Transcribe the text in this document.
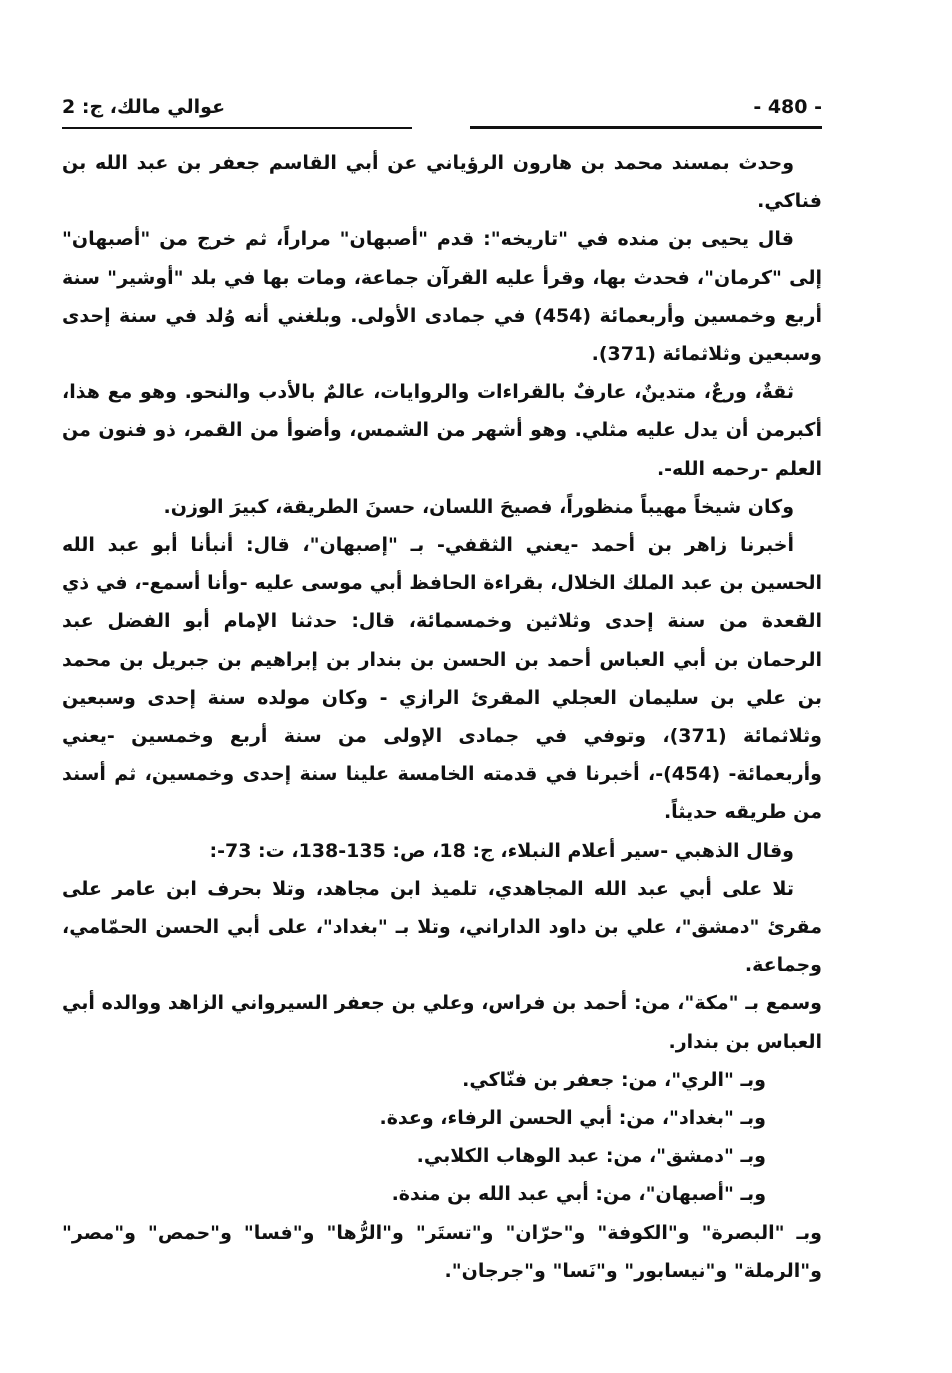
- 480 -
عوالي مالك، ج: 2

وحدث بمسند محمد بن هارون الرؤياني عن أبي القاسم جعفر بن عبد الله بن فناكي.

قال يحيى بن منده في "تاريخه": قدم "أصبهان" مراراً، ثم خرج من "أصبهان" إلى "كرمان"، فحدث بها، وقرأ عليه القرآن جماعة، ومات بها في بلد "أوشير" سنة أربع وخمسين وأربعمائة (454) في جمادى الأولى. وبلغني أنه وُلد في سنة إحدى وسبعين وثلاثمائة (371).

ثقةٌ، ورعٌ، متدينٌ، عارفٌ بالقراءات والروايات، عالمٌ بالأدب والنحو. وهو مع هذا، أكبرمن أن يدل عليه مثلي. وهو أشهر من الشمس، وأضوأ من القمر، ذو فنون من العلم -رحمه الله-.

وكان شيخاً مهيباً منظوراً، فصيحَ اللسان، حسنَ الطريقة، كبيرَ الوزن.

أخبرنا زاهر بن أحمد -يعني الثقفي- بـ "إصبهان"، قال: أنبأنا أبو عبد الله الحسين بن عبد الملك الخلال، بقراءة الحافظ أبي موسى عليه -وأنا أسمع-، في ذي القعدة من سنة إحدى وثلاثين وخمسمائة، قال: حدثنا الإمام أبو الفضل عبد الرحمان بن أبي العباس أحمد بن الحسن بن بندار بن إبراهيم بن جبريل بن محمد بن علي بن سليمان العجلي المقرئ الرازي - وكان مولده سنة إحدى وسبعين وثلاثمائة (371)، وتوفي في جمادى الإولى من سنة أربع وخمسين -يعني وأربعمائة- (454)-، أخبرنا في قدمته الخامسة علينا سنة إحدى وخمسين، ثم أسند من طريقه حديثاً.

وقال الذهبي -سير أعلام النبلاء، ج: 18، ص: 135-138، ت: 73-:

تلا على أبي عبد الله المجاهدي، تلميذ ابن مجاهد، وتلا بحرف ابن عامر على مقرئ "دمشق"، علي بن داود الداراني، وتلا بـ "بغداد"، على أبي الحسن الحمّامي، وجماعة.

وسمع بـ "مكة"، من: أحمد بن فراس، وعلي بن جعفر السيرواني الزاهد ووالده أبي العباس بن بندار.

وبـ "الري"، من: جعفر بن فنّاكي.

وبـ "بغداد"، من: أبي الحسن الرفاء، وعدة.

وبـ "دمشق"، من: عبد الوهاب الكلابي.

وبـ "أصبهان"، من: أبي عبد الله بن مندة.

وبـ "البصرة" و"الكوفة" و"حرّان" و"تستَر" و"الرُّها" و"فسا" و"حمص" و"مصر" و"الرملة" و"نيسابور" و"نَسا" و"جرجان".
